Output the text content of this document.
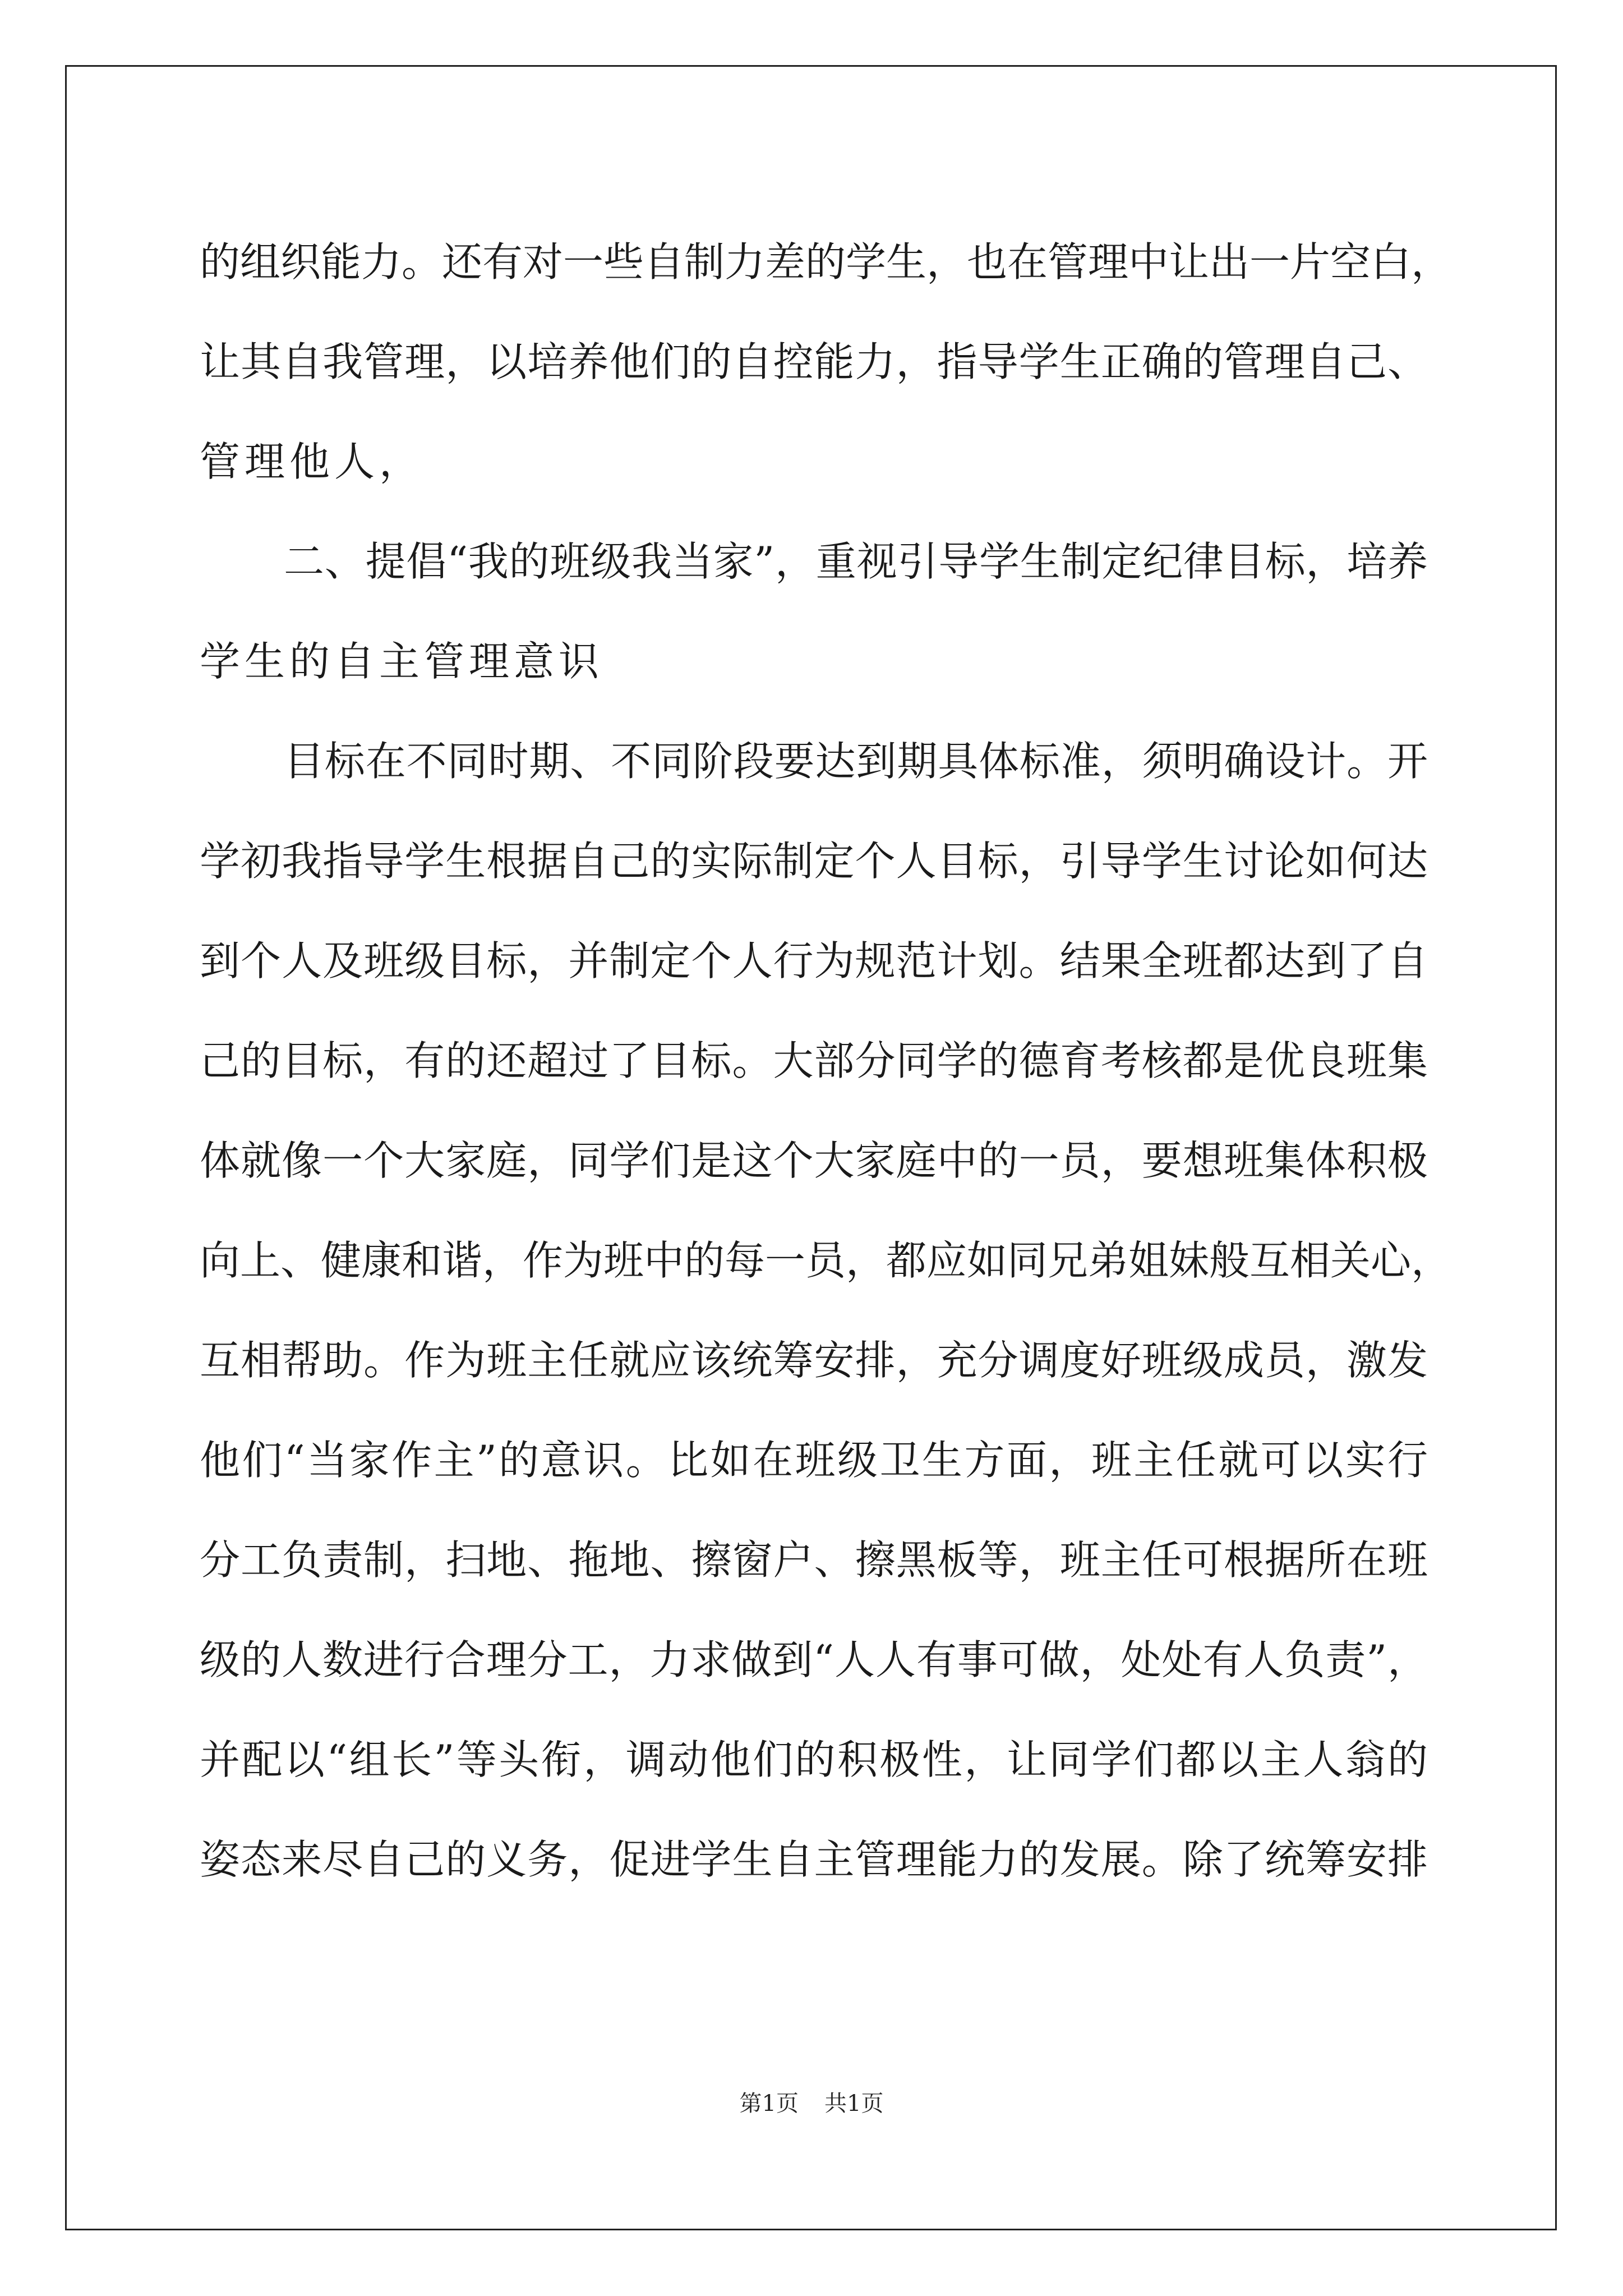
的组织能力。还有对一些自制力差的学生，也在管理中让出一片空白，
让其自我管理，以培养他们的自控能力，指导学生正确的管理自己、
管理他人，
二、提倡“我的班级我当家”，重视引导学生制定纪律目标，培养
学生的自主管理意识
目标在不同时期、不同阶段要达到期具体标准，须明确设计。开
学初我指导学生根据自己的实际制定个人目标，引导学生讨论如何达
到个人及班级目标，并制定个人行为规范计划。结果全班都达到了自
己的目标，有的还超过了目标。大部分同学的德育考核都是优良班集
体就像一个大家庭，同学们是这个大家庭中的一员，要想班集体积极
向上、健康和谐，作为班中的每一员，都应如同兄弟姐妹般互相关心，
互相帮助。作为班主任就应该统筹安排，充分调度好班级成员，激发
他们“当家作主”的意识。比如在班级卫生方面，班主任就可以实行
分工负责制，扫地、拖地、擦窗户、擦黑板等，班主任可根据所在班
级的人数进行合理分工，力求做到“人人有事可做，处处有人负责”，
并配以“组长”等头衔，调动他们的积极性，让同学们都以主人翁的
姿态来尽自己的义务，促进学生自主管理能力的发展。除了统筹安排
第1页 共1页
